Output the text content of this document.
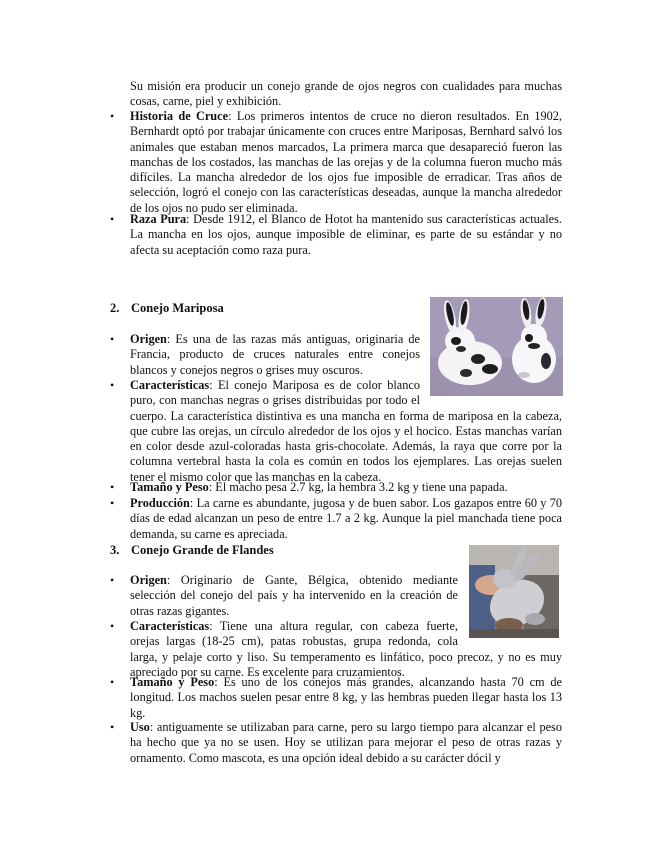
Su misión era producir un conejo grande de ojos negros con cualidades para muchas cosas, carne, piel y exhibición.

• Historia de Cruce: Los primeros intentos de cruce no dieron resultados. En 1902, Bernhardt optó por trabajar únicamente con cruces entre Mariposas, Bernhard salvó los animales que estaban menos marcados, La primera marca que desapareció fueron las manchas de los costados, las manchas de las orejas y de la columna fueron mucho más difíciles. La mancha alrededor de los ojos fue imposible de erradicar. Tras años de selección, logró el conejo con las características deseadas, aunque la mancha alrededor de los ojos no pudo ser eliminada.

• Raza Pura: Desde 1912, el Blanco de Hotot ha mantenido sus características actuales. La mancha en los ojos, aunque imposible de eliminar, es parte de su estándar y no afecta su aceptación como raza pura.

2. Conejo Mariposa
• Origen: Es una de las razas más antiguas, originaria de Francia, producto de cruces naturales entre conejos blancos y conejos negros o grises muy oscuros.

• Características: El conejo Mariposa es de color blanco puro, con manchas negras o grises distribuidas por todo el cuerpo. La característica distintiva es una mancha en forma de mariposa en la cabeza, que cubre las orejas, un círculo alrededor de los ojos y el hocico. Estas manchas varían en color desde azul-coloradas hasta gris-chocolate. Además, la raya que corre por la columna vertebral hasta la cola es común en todos los ejemplares. Las orejas suelen tener el mismo color que las manchas en la cabeza.
• Tamaño y Peso: El macho pesa 2.7 kg, la hembra 3.2 kg y tiene una papada.

• Producción: La carne es abundante, jugosa y de buen sabor. Los gazapos entre 60 y 70 días de edad alcanzan un peso de entre 1.7 a 2 kg. Aunque la piel manchada tiene poca demanda, su carne es apreciada.

3. Conejo Grande de Flandes
• Origen: Originario de Gante, Bélgica, obtenido mediante selección del conejo del país y ha intervenido en la creación de otras razas gigantes.

• Características: Tiene una altura regular, con cabeza fuerte, orejas largas (18-25 cm), patas robustas, grupa redonda, cola larga, y pelaje corto y liso. Su temperamento es linfático, poco precoz, y no es muy apreciado por su carne. Es excelente para cruzamientos.
• Tamaño y Peso: Es uno de los conejos más grandes, alcanzando hasta 70 cm de longitud. Los machos suelen pesar entre 8 kg, y las hembras pueden llegar hasta los 13 kg.

• Uso: antiguamente se utilizaban para carne, pero su largo tiempo para alcanzar el peso ha hecho que ya no se usen. Hoy se utilizan para mejorar el peso de otras razas y ornamento. Como mascota, es una opción ideal debido a su carácter dócil y
